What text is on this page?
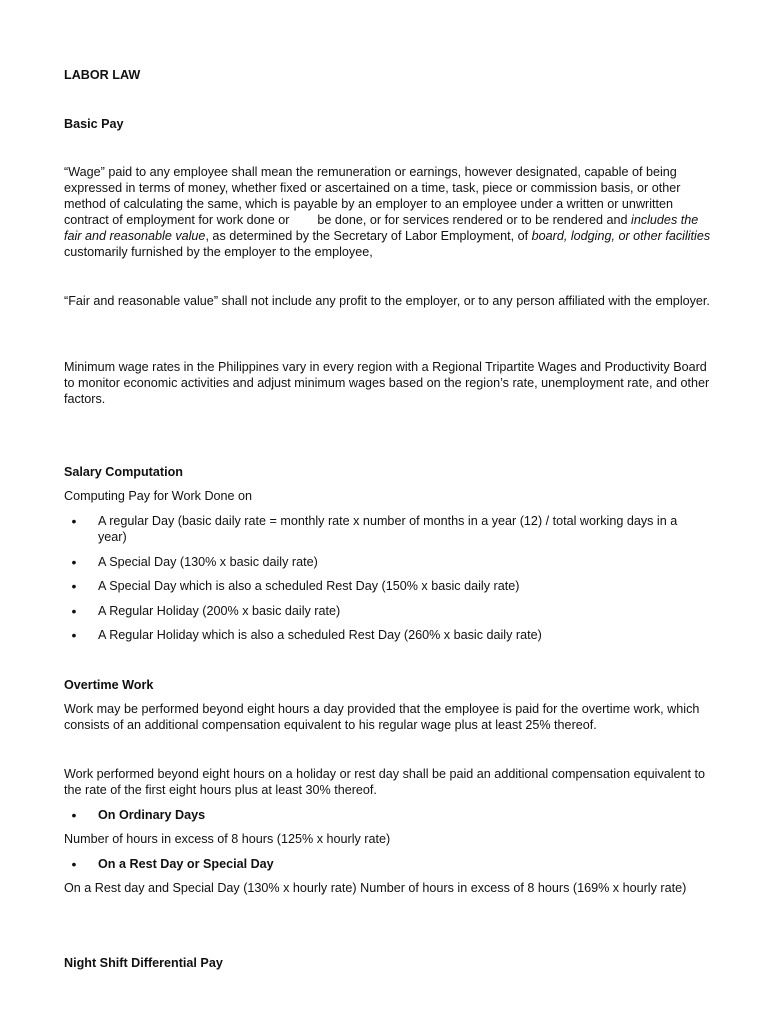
LABOR LAW

Basic Pay

“Wage” paid to any employee shall mean the remuneration or earnings, however designated, capable of being expressed in terms of money, whether fixed or ascertained on a time, task, piece or commission basis, or other method of calculating the same, which is payable by an employer to an employee under a written or unwritten contract of employment for work done or be done, or for services rendered or to be rendered and includes the fair and reasonable value, as determined by the Secretary of Labor Employment, of board, lodging, or other facilities customarily furnished by the employer to the employee,

“Fair and reasonable value” shall not include any profit to the employer, or to any person affiliated with the employer.

Minimum wage rates in the Philippines vary in every region with a Regional Tripartite Wages and Productivity Board to monitor economic activities and adjust minimum wages based on the region’s rate, unemployment rate, and other factors.

Salary Computation

Computing Pay for Work Done on

• A regular Day (basic daily rate = monthly rate x number of months in a year (12) / total working days in a year)
• A Special Day (130% x basic daily rate)
• A Special Day which is also a scheduled Rest Day (150% x basic daily rate)
• A Regular Holiday (200% x basic daily rate)
• A Regular Holiday which is also a scheduled Rest Day (260% x basic daily rate)

Overtime Work

Work may be performed beyond eight hours a day provided that the employee is paid for the overtime work, which consists of an additional compensation equivalent to his regular wage plus at least 25% thereof.

Work performed beyond eight hours on a holiday or rest day shall be paid an additional compensation equivalent to the rate of the first eight hours plus at least 30% thereof.

• On Ordinary Days

Number of hours in excess of 8 hours (125% x hourly rate)

• On a Rest Day or Special Day

On a Rest day and Special Day (130% x hourly rate) Number of hours in excess of 8 hours (169% x hourly rate)

Night Shift Differential Pay
